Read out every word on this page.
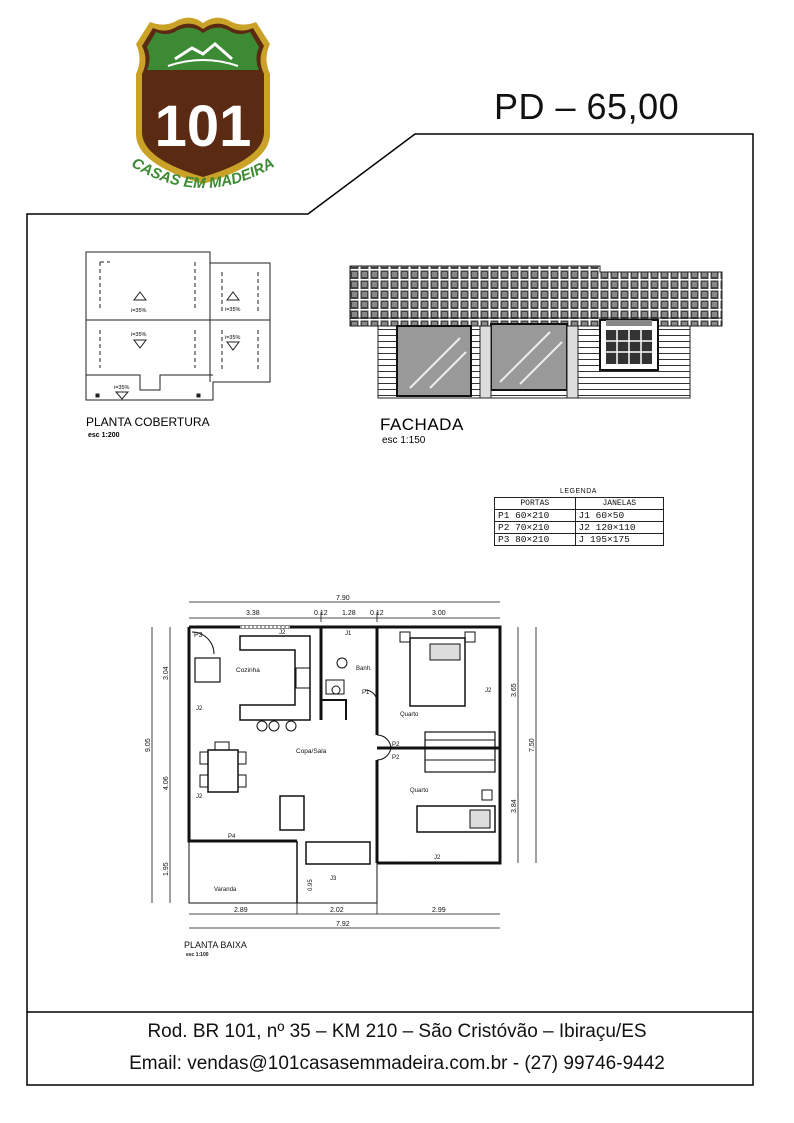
101
CASAS EM MADEIRA
PD – 65,00
i=35%
i=35%
i=35%
i=35%
i=35%
PLANTA COBERTURA
esc 1:200
FACHADA
esc 1:150
7.90
3.38	0.12 1.28 0.12	3.00
2.89	2.02	2.99
7.92
9.05
3.04
4.06
1.95
3.65
3.84
7.50
0.95
Cozinha	Banh.
Copa/Sala
Quarto
Quarto
Varanda
P3	J2	J1
P1
P2
P2
P4
J3
J2
J2
J2
J2
PLANTA BAIXA
esc 1:100
LEGENDA
PORTAS	JANELAS
P1 60×210	J1 60×50
P2 70×210	J2 120×110
P3 80×210	J 195×175
Rod. BR 101, nº 35 – KM 210 – São Cristóvão – Ibiraçu/ES
Email: vendas@101casasemmadeira.com.br - (27) 99746-9442
